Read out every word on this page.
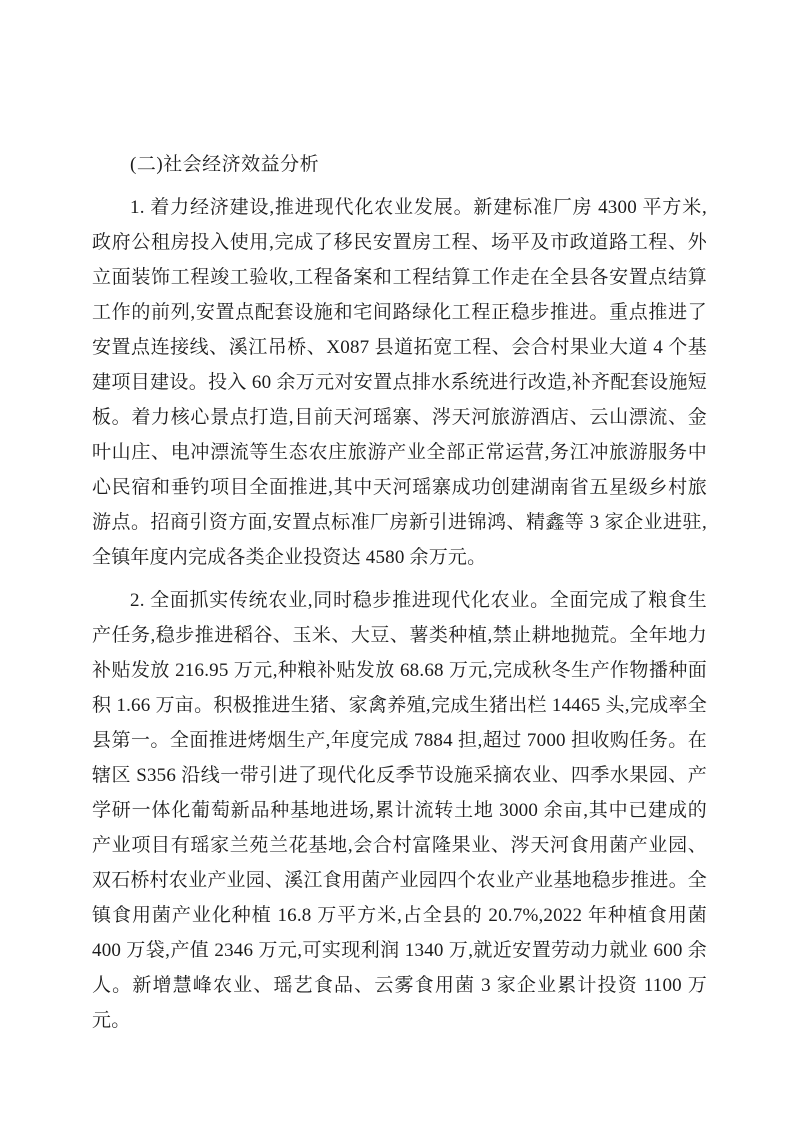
(二)社会经济效益分析

1. 着力经济建设,推进现代化农业发展。新建标准厂房 4300 平方米,政府公租房投入使用,完成了移民安置房工程、场平及市政道路工程、外立面装饰工程竣工验收,工程备案和工程结算工作走在全县各安置点结算工作的前列,安置点配套设施和宅间路绿化工程正稳步推进。重点推进了安置点连接线、溪江吊桥、X087 县道拓宽工程、会合村果业大道 4 个基建项目建设。投入 60 余万元对安置点排水系统进行改造,补齐配套设施短板。着力核心景点打造,目前天河瑶寨、涔天河旅游酒店、云山漂流、金叶山庄、电冲漂流等生态农庄旅游产业全部正常运营,务江冲旅游服务中心民宿和垂钓项目全面推进,其中天河瑶寨成功创建湖南省五星级乡村旅游点。招商引资方面,安置点标准厂房新引进锦鸿、精鑫等 3 家企业进驻,全镇年度内完成各类企业投资达 4580 余万元。

2. 全面抓实传统农业,同时稳步推进现代化农业。全面完成了粮食生产任务,稳步推进稻谷、玉米、大豆、薯类种植,禁止耕地抛荒。全年地力补贴发放 216.95 万元,种粮补贴发放 68.68 万元,完成秋冬生产作物播种面积 1.66 万亩。积极推进生猪、家禽养殖,完成生猪出栏 14465 头,完成率全县第一。全面推进烤烟生产,年度完成 7884 担,超过 7000 担收购任务。在辖区 S356 沿线一带引进了现代化反季节设施采摘农业、四季水果园、产学研一体化葡萄新品种基地进场,累计流转土地 3000 余亩,其中已建成的产业项目有瑶家兰苑兰花基地,会合村富隆果业、涔天河食用菌产业园、双石桥村农业产业园、溪江食用菌产业园四个农业产业基地稳步推进。全镇食用菌产业化种植 16.8 万平方米,占全县的 20.7%,2022 年种植食用菌 400 万袋,产值 2346 万元,可实现利润 1340 万,就近安置劳动力就业 600 余人。新增慧峰农业、瑶艺食品、云雾食用菌 3 家企业累计投资 1100 万元。
